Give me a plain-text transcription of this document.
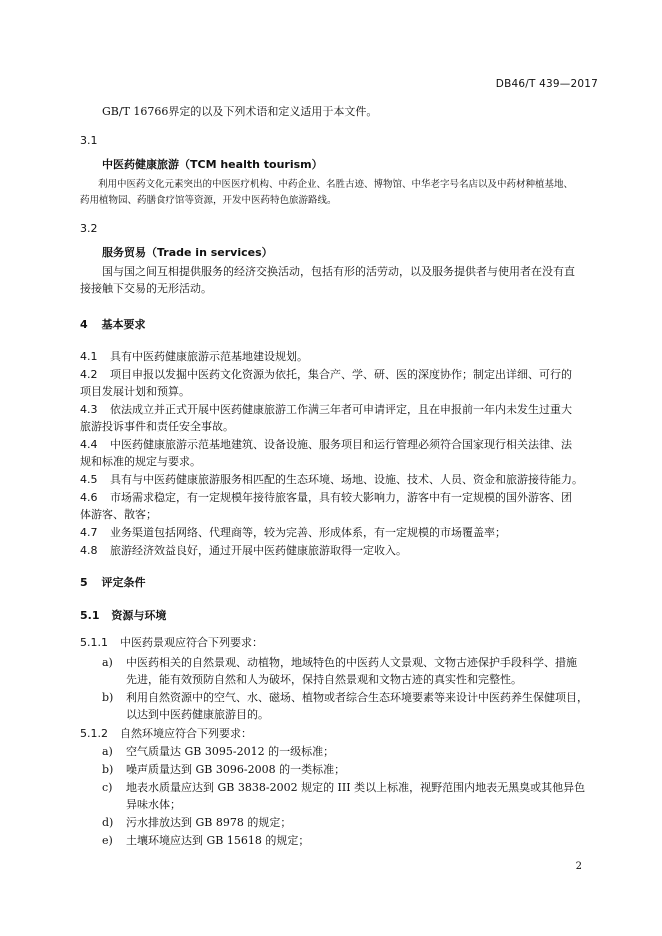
DB46/T 439—2017
GB/T 16766界定的以及下列术语和定义适用于本文件。
3.1
中医药健康旅游（TCM health tourism）
利用中医药文化元素突出的中医医疗机构、中药企业、名胜古迹、博物馆、中华老字号名店以及中药材种植基地、
药用植物园、药膳食疗馆等资源，开发中医药特色旅游路线。
3.2
服务贸易（Trade in services）
国与国之间互相提供服务的经济交换活动，包括有形的活劳动，以及服务提供者与使用者在没有直
接接触下交易的无形活动。
4 基本要求
4.1 具有中医药健康旅游示范基地建设规划。
4.2 项目申报以发掘中医药文化资源为依托，集合产、学、研、医的深度协作；制定出详细、可行的
项目发展计划和预算。
4.3 依法成立并正式开展中医药健康旅游工作满三年者可申请评定，且在申报前一年内未发生过重大
旅游投诉事件和责任安全事故。
4.4 中医药健康旅游示范基地建筑、设备设施、服务项目和运行管理必须符合国家现行相关法律、法
规和标准的规定与要求。
4.5 具有与中医药健康旅游服务相匹配的生态环境、场地、设施、技术、人员、资金和旅游接待能力。
4.6 市场需求稳定，有一定规模年接待旅客量，具有较大影响力，游客中有一定规模的国外游客、团
体游客、散客；
4.7 业务渠道包括网络、代理商等，较为完善、形成体系，有一定规模的市场覆盖率；
4.8 旅游经济效益良好，通过开展中医药健康旅游取得一定收入。
5 评定条件
5.1 资源与环境
5.1.1 中医药景观应符合下列要求：
a) 中医药相关的自然景观、动植物，地域特色的中医药人文景观、文物古迹保护手段科学、措施
先进，能有效预防自然和人为破坏，保持自然景观和文物古迹的真实性和完整性。
b) 利用自然资源中的空气、水、磁场、植物或者综合生态环境要素等来设计中医药养生保健项目，
以达到中医药健康旅游目的。
5.1.2 自然环境应符合下列要求：
a) 空气质量达 GB 3095-2012 的一级标准；
b) 噪声质量达到 GB 3096-2008 的一类标准；
c) 地表水质量应达到 GB 3838-2002 规定的 III 类以上标准，视野范围内地表无黑臭或其他异色
异味水体；
d) 污水排放达到 GB 8978 的规定；
e) 土壤环境应达到 GB 15618 的规定；
2
